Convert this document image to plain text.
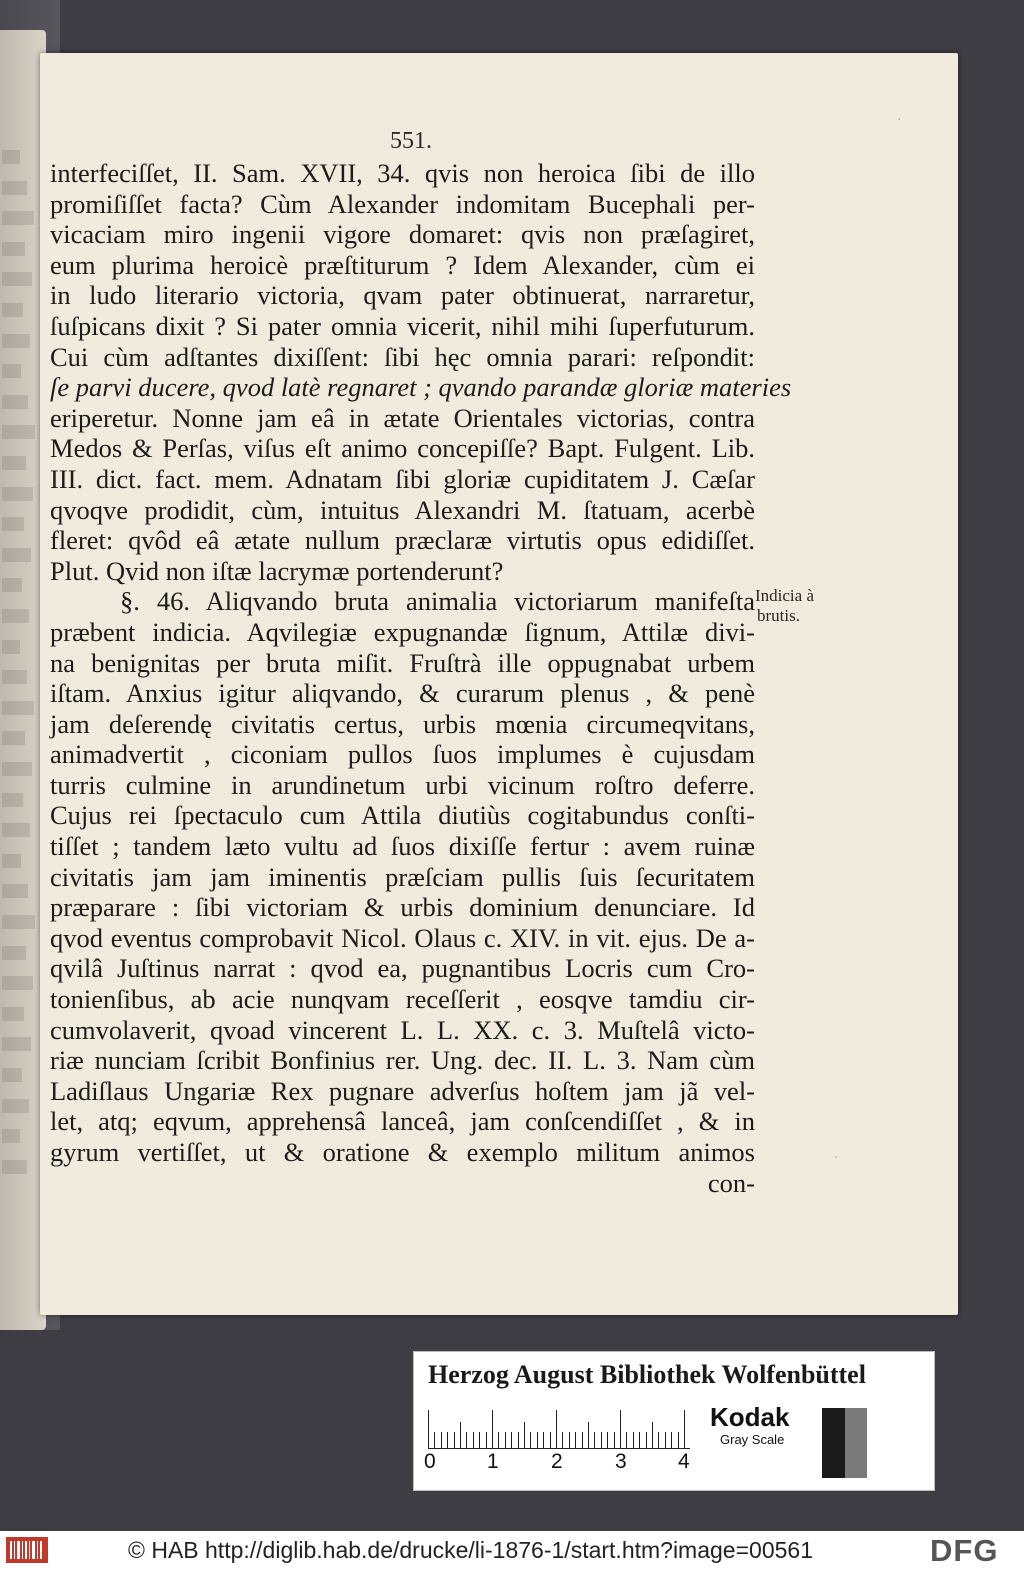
551.
interfeciſſet, II. Sam. XVII, 34. qvis non heroica ſibi de illo
promiſiſſet facta? Cùm Alexander indomitam Bucephali per-
vicaciam miro ingenii vigore domaret: qvis non præſagiret,
eum plurima heroicè præſtiturum ? Idem Alexander, cùm ei
in ludo literario victoria, qvam pater obtinuerat, narraretur,
ſuſpicans dixit ? Si pater omnia vicerit, nihil mihi ſuperfuturum.
Cui cùm adſtantes dixiſſent: ſibi hęc omnia parari: reſpondit:
ſe parvi ducere, qvod latè regnaret ; qvando parandæ gloriæ materies
eriperetur. Nonne jam eâ in ætate Orientales victorias, contra
Medos & Perſas, viſus eſt animo concepiſſe? Bapt. Fulgent. Lib.
III. dict. fact. mem. Adnatam ſibi gloriæ cupiditatem J. Cæſar
qvoqve prodidit, cùm, intuitus Alexandri M. ſtatuam, acerbè
fleret: qvôd eâ ætate nullum præclaræ virtutis opus edidiſſet.
Plut. Qvid non iſtæ lacrymæ portenderunt?
§. 46. Aliqvando bruta animalia victoriarum manifeſta
præbent indicia. Aqvilegiæ expugnandæ ſignum, Attilæ divi-
na benignitas per bruta miſit. Fruſtrà ille oppugnabat urbem
iſtam. Anxius igitur aliqvando, & curarum plenus , & penè
jam deſerendę civitatis certus, urbis mœnia circumeqvitans,
animadvertit , ciconiam pullos ſuos implumes è cujusdam
turris culmine in arundinetum urbi vicinum roſtro deferre.
Cujus rei ſpectaculo cum Attila diutiùs cogitabundus conſti-
tiſſet ; tandem læto vultu ad ſuos dixiſſe fertur : avem ruinæ
civitatis jam jam iminentis præſciam pullis ſuis ſecuritatem
præparare : ſibi victoriam & urbis dominium denunciare. Id
qvod eventus comprobavit Nicol. Olaus c. XIV. in vit. ejus. De a-
qvilâ Juſtinus narrat : qvod ea, pugnantibus Locris cum Cro-
tonienſibus, ab acie nunqvam receſſerit , eosqve tamdiu cir-
cumvolaverit, qvoad vincerent L. L. XX. c. 3. Muſtelâ victo-
riæ nunciam ſcribit Bonfinius rer. Ung. dec. II. L. 3. Nam cùm
Ladiſlaus Ungariæ Rex pugnare adverſus hoſtem jam jã vel-
let, atq; eqvum, apprehensâ lanceâ, jam conſcendiſſet , & in
gyrum vertiſſet, ut & oratione & exemplo militum animos
con-
Indicia à
brutis.
·
·
Herzog August Bibliothek Wolfenbüttel
0 1 2 3 4
Kodak
Gray Scale
© HAB http://diglib.hab.de/drucke/li-1876-1/start.htm?image=00561	DFG
